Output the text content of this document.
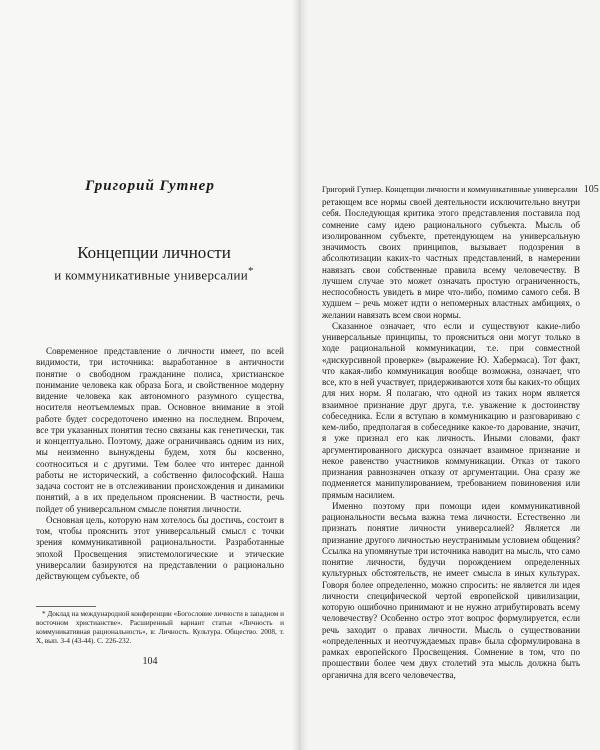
Григорий Гутнер
Концепции личности
и коммуникативные универсалии*

Современное представление о личности имеет, по всей видимости, три источника: выработанное в античности понятие о свободном гражданине полиса, христианское понимание человека как образа Бога, и свойственное модерну видение человека как автономного разумного существа, носителя неотъемлемых прав. Основное внимание в этой работе будет сосредоточено именно на последнем. Впрочем, все три указанных понятия тесно связаны как генетически, так и концептуально. Поэтому, даже ограничиваясь одним из них, мы неизменно вынуждены будем, хотя бы косвенно, соотноситься и с другими. Тем более что интерес данной работы не исторический, а собственно философский. Наша задача состоит не в отслеживании происхождения и динамики понятий, а в их предельном прояснении. В частности, речь пойдет об универсальном смысле понятия личности.

Основная цель, которую нам хотелось бы достичь, состоит в том, чтобы прояснить этот универсальный смысл с точки зрения коммуникативной рациональности. Разработанные эпохой Просвещения эпистемологические и этические универсалии базируются на представлении о рационально действующем субъекте, об

* Доклад на международной конференции «Богословие личности в западном и восточном христианстве». Расширенный вариант статьи «Личность и коммуникативная рациональность», в: Личность. Культура. Общество. 2008, т. X, вып. 3-4 (43-44). С. 226-232.

104
Григорий Гутнер. Концепции личности и коммуникативные универсалии 105

ретающем все нормы своей деятельности исключительно внутри себя. Последующая критика этого представления поставила под сомнение саму идею рационального субъекта. Мысль об изолированном субъекте, претендующем на универсальную значимость своих принципов, вызывает подозрения в абсолютизации каких-то частных представлений, в намерении навязать свои собственные правила всему человечеству. В лучшем случае это может означать простую ограниченность, неспособность увидеть в мире что-либо, помимо самого себя. В худшем – речь может идти о непомерных властных амбициях, о желании навязать всем свои нормы.

Сказанное означает, что если и существуют какие-либо универсальные принципы, то проясниться они могут только в ходе рациональной коммуникации, т.е. при совместной «дискурсивной проверке» (выражение Ю. Хабермаса). Тот факт, что какая-либо коммуникация вообще возможна, означает, что все, кто в ней участвует, придерживаются хотя бы каких-то общих для них норм. Я полагаю, что одной из таких норм является взаимное признание друг друга, т.е. уважение к достоинству собеседника. Если я вступаю в коммуникацию и разговариваю с кем-либо, предполагая в собеседнике какое-то дарование, значит, я уже признал его как личность. Иными словами, факт аргументированного дискурса означает взаимное признание и некое равенство участников коммуникации. Отказ от такого признания равнозначен отказу от аргументации. Она сразу же подменяется манипулированием, требованием повиновения или прямым насилием.

Именно поэтому при помощи идеи коммуникативной рациональности весьма важна тема личности. Естественно ли признать понятие личности универсалией? Является ли признание другого личностью неустранимым условием общения? Ссылка на упомянутые три источника наводит на мысль, что само понятие личности, будучи порождением определенных культурных обстоятельств, не имеет смысла в иных культурах. Говоря более определенно, можно спросить: не является ли идея личности специфической чертой европейской цивилизации, которую ошибочно принимают и не нужно атрибутировать всему человечеству? Особенно остро этот вопрос формулируется, если речь заходит о правах личности. Мысль о существовании «определенных и неотчуждаемых прав» была сформулирована в рамках европейского Просвещения. Сомнение в том, что по прошествии более чем двух столетий эта мысль должна быть органична для всего человечества,
